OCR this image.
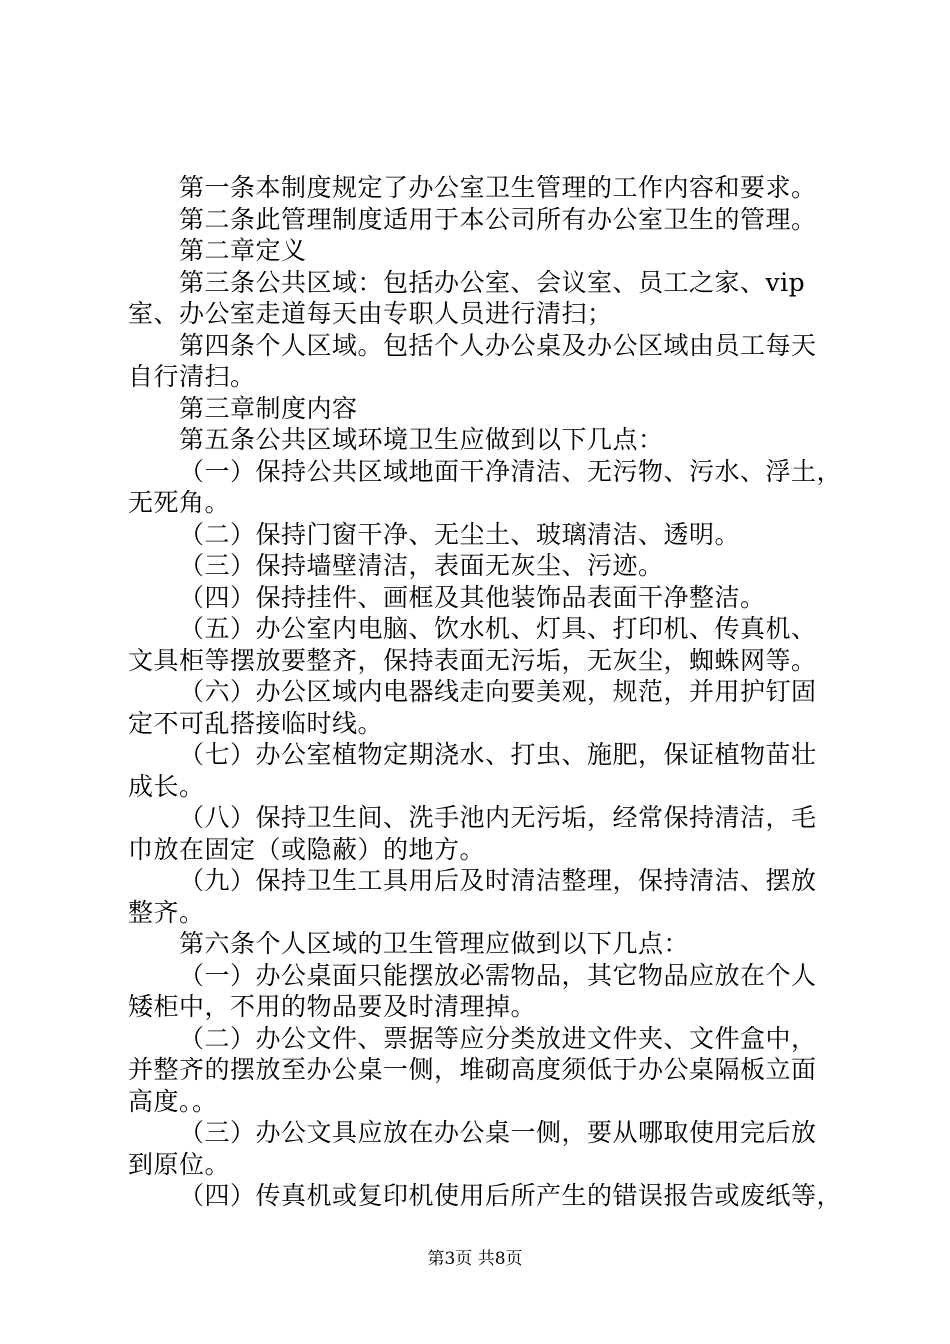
第一条本制度规定了办公室卫生管理的工作内容和要求。
第二条此管理制度适用于本公司所有办公室卫生的管理。
第二章定义
第三条公共区域：包括办公室、会议室、员工之家、vip
室、办公室走道每天由专职人员进行清扫；
第四条个人区域。包括个人办公桌及办公区域由员工每天
自行清扫。
第三章制度内容
第五条公共区域环境卫生应做到以下几点：
（一）保持公共区域地面干净清洁、无污物、污水、浮土，
无死角。
（二）保持门窗干净、无尘土、玻璃清洁、透明。
（三）保持墙壁清洁，表面无灰尘、污迹。
（四）保持挂件、画框及其他装饰品表面干净整洁。
（五）办公室内电脑、饮水机、灯具、打印机、传真机、
文具柜等摆放要整齐，保持表面无污垢，无灰尘，蜘蛛网等。
（六）办公区域内电器线走向要美观，规范，并用护钉固
定不可乱搭接临时线。
（七）办公室植物定期浇水、打虫、施肥，保证植物苗壮
成长。
（八）保持卫生间、洗手池内无污垢，经常保持清洁，毛
巾放在固定（或隐蔽）的地方。
（九）保持卫生工具用后及时清洁整理，保持清洁、摆放
整齐。
第六条个人区域的卫生管理应做到以下几点：
（一）办公桌面只能摆放必需物品，其它物品应放在个人
矮柜中，不用的物品要及时清理掉。
（二）办公文件、票据等应分类放进文件夹、文件盒中，
并整齐的摆放至办公桌一侧，堆砌高度须低于办公桌隔板立面
高度。。
（三）办公文具应放在办公桌一侧，要从哪取使用完后放
到原位。
（四）传真机或复印机使用后所产生的错误报告或废纸等，
第3页 共8页
